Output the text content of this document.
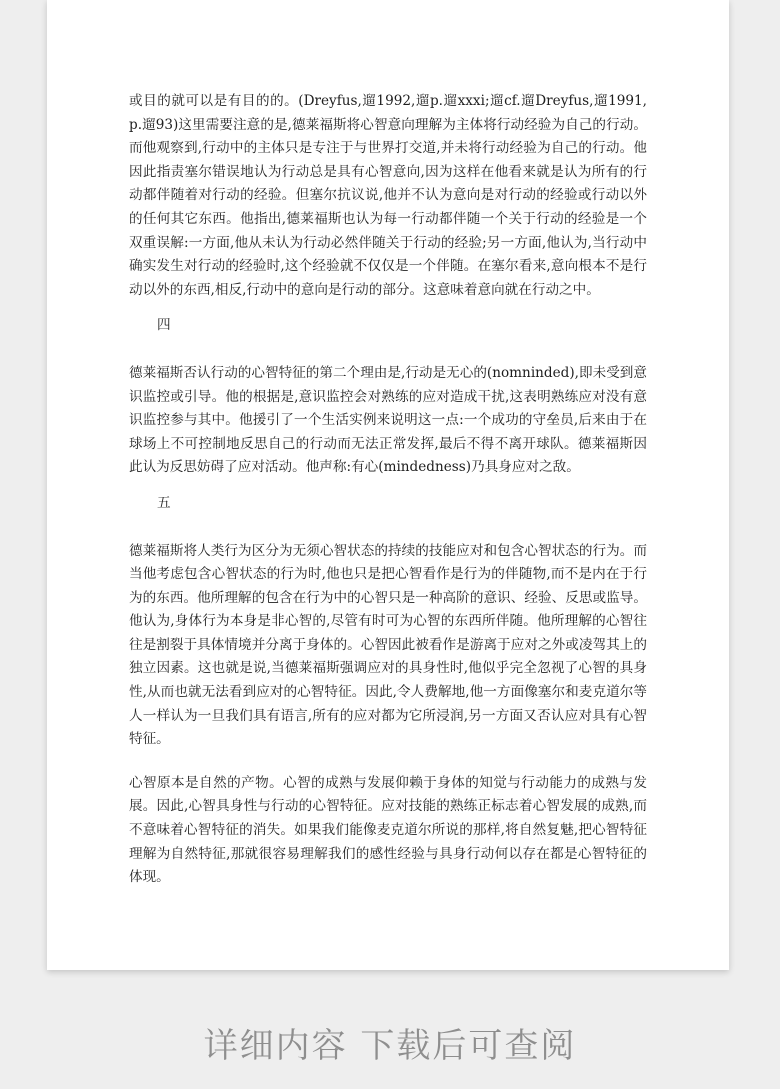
或目的就可以是有目的的。(Dreyfus,遛1992,遛p.遛xxxi;遛cf.遛Dreyfus,遛1991,p.遛93)这里需要注意的是,德莱福斯将心智意向理解为主体将行动经验为自己的行动。而他观察到,行动中的主体只是专注于与世界打交道,并未将行动经验为自己的行动。他因此指责塞尔错误地认为行动总是具有心智意向,因为这样在他看来就是认为所有的行动都伴随着对行动的经验。但塞尔抗议说,他并不认为意向是对行动的经验或行动以外的任何其它东西。他指出,德莱福斯也认为每一行动都伴随一个关于行动的经验是一个双重误解:一方面,他从未认为行动必然伴随关于行动的经验;另一方面,他认为,当行动中确实发生对行动的经验时,这个经验就不仅仅是一个伴随。在塞尔看来,意向根本不是行动以外的东西,相反,行动中的意向是行动的部分。这意味着意向就在行动之中。

四

德莱福斯否认行动的心智特征的第二个理由是,行动是无心的(nomninded),即未受到意识监控或引导。他的根据是,意识监控会对熟练的应对造成干扰,这表明熟练应对没有意识监控参与其中。他援引了一个生活实例来说明这一点:一个成功的守垒员,后来由于在球场上不可控制地反思自己的行动而无法正常发挥,最后不得不离开球队。德莱福斯因此认为反思妨碍了应对活动。他声称:有心(mindedness)乃具身应对之敌。

五

德莱福斯将人类行为区分为无须心智状态的持续的技能应对和包含心智状态的行为。而当他考虑包含心智状态的行为时,他也只是把心智看作是行为的伴随物,而不是内在于行为的东西。他所理解的包含在行为中的心智只是一种高阶的意识、经验、反思或监导。他认为,身体行为本身是非心智的,尽管有时可为心智的东西所伴随。他所理解的心智往往是割裂于具体情境并分离于身体的。心智因此被看作是游离于应对之外或凌驾其上的独立因素。这也就是说,当德莱福斯强调应对的具身性时,他似乎完全忽视了心智的具身性,从而也就无法看到应对的心智特征。因此,令人费解地,他一方面像塞尔和麦克道尔等人一样认为一旦我们具有语言,所有的应对都为它所浸润,另一方面又否认应对具有心智特征。

心智原本是自然的产物。心智的成熟与发展仰赖于身体的知觉与行动能力的成熟与发展。因此,心智具身性与行动的心智特征。应对技能的熟练正标志着心智发展的成熟,而不意味着心智特征的消失。如果我们能像麦克道尔所说的那样,将自然复魅,把心智特征理解为自然特征,那就很容易理解我们的感性经验与具身行动何以存在都是心智特征的体现。

详细内容 下载后可查阅
